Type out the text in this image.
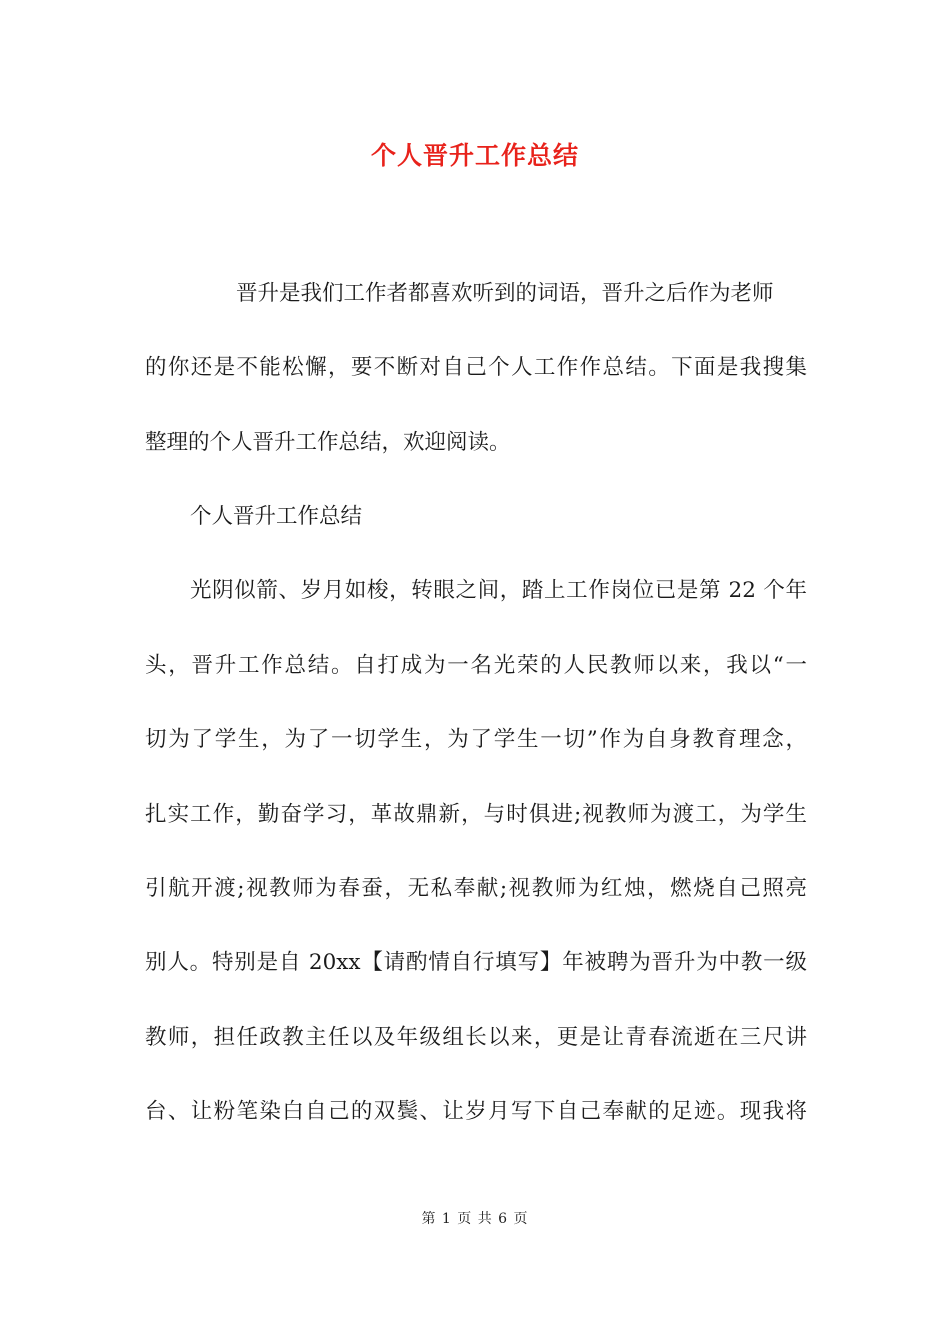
个人晋升工作总结

晋升是我们工作者都喜欢听到的词语，晋升之后作为老师

的你还是不能松懈，要不断对自己个人工作作总结。下面是我搜集

整理的个人晋升工作总结，欢迎阅读。

个人晋升工作总结

光阴似箭、岁月如梭，转眼之间，踏上工作岗位已是第 22 个年

头，晋升工作总结。自打成为一名光荣的人民教师以来，我以“一

切为了学生，为了一切学生，为了学生一切”作为自身教育理念，

扎实工作，勤奋学习，革故鼎新，与时俱进;视教师为渡工，为学生

引航开渡;视教师为春蚕，无私奉献;视教师为红烛，燃烧自己照亮

别人。特别是自 20xx【请酌情自行填写】年被聘为晋升为中教一级

教师，担任政教主任以及年级组长以来，更是让青春流逝在三尺讲

台、让粉笔染白自己的双鬓、让岁月写下自己奉献的足迹。现我将

第 1 页 共 6 页
